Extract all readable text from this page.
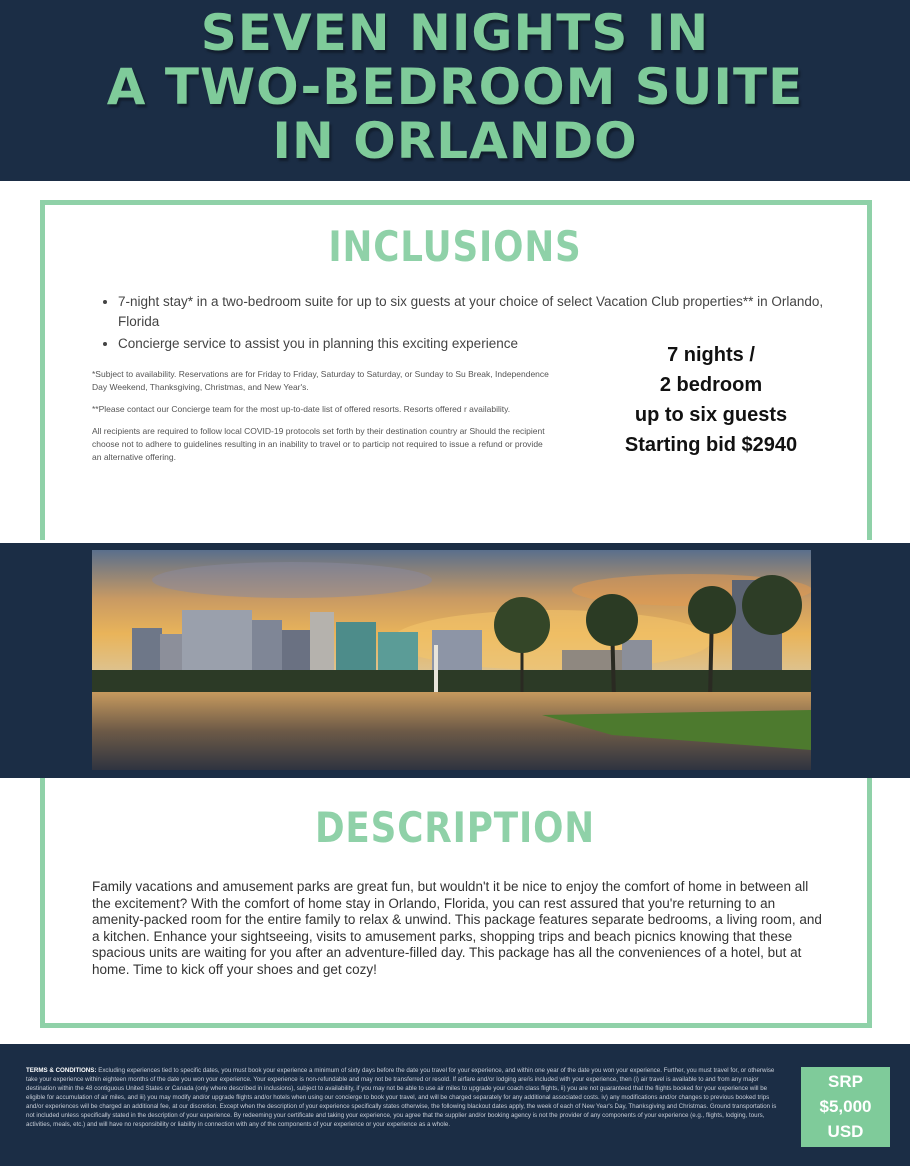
SEVEN NIGHTS IN
A TWO-BEDROOM SUITE
IN ORLANDO
INCLUSIONS
• 7-night stay* in a two-bedroom suite for up to six guests at your choice of select Vacation Club properties** in Orlando, Florida
• Concierge service to assist you in planning this exciting experience

*Subject to availability. Reservations are for Friday to Friday, Saturday to Saturday, or Sunday to Su Break, Independence Day Weekend, Thanksgiving, Christmas, and New Year's.

**Please contact our Concierge team for the most up-to-date list of offered resorts. Resorts offered r availability.

All recipients are required to follow local COVID-19 protocols set forth by their destination country ar Should the recipient choose not to adhere to guidelines resulting in an inability to travel or to particip not required to issue a refund or provide an alternative offering.

7 nights /
2 bedroom
up to six guests
Starting bid $2940
DESCRIPTION
Family vacations and amusement parks are great fun, but wouldn't it be nice to enjoy the comfort of home in between all the excitement? With the comfort of home stay in Orlando, Florida, you can rest assured that you're returning to an amenity-packed room for the entire family to relax & unwind. This package features separate bedrooms, a living room, and a kitchen. Enhance your sightseeing, visits to amusement parks, shopping trips and beach picnics knowing that these spacious units are waiting for you after an adventure-filled day. This package has all the conveniences of a hotel, but at home. Time to kick off your shoes and get cozy!
TERMS & CONDITIONS: Excluding experiences tied to specific dates, you must book your experience a minimum of sixty days before the date you travel for your experience, and within one year of the date you won your experience. Further, you must travel for, or otherwise take your experience within eighteen months of the date you won your experience. Your experience is non-refundable and may not be transferred or resold. If airfare and/or lodging are/is included with your experience, then (i) air travel is available to and from any major destination within the 48 contiguous United States or Canada (only where described in inclusions), subject to availability, if you may not be able to use air miles to upgrade your coach class flights, ii) you are not guaranteed that the flights booked for your experience will be eligible for accumulation of air miles, and iii) you may modify and/or upgrade flights and/or hotels when using our concierge to book your travel, and will be charged separately for any additional associated costs. iv) any modifications and/or changes to previous booked trips and/or experiences will be charged an additional fee, at our discretion. Except when the description of your experience specifically states otherwise, the following blackout dates apply, the week of each of New Year's Day, Thanksgiving and Christmas. Ground transportation is not included unless specifically stated in the description of your experience. By redeeming your certificate and taking your experience, you agree that the supplier and/or booking agency is not the provider of any components of your experience (e.g., flights, lodging, tours, activities, meals, etc.) and will have no responsibility or liability in connection with any of the components of your experience or your experience as a whole.
SRP
$5,000
USD
